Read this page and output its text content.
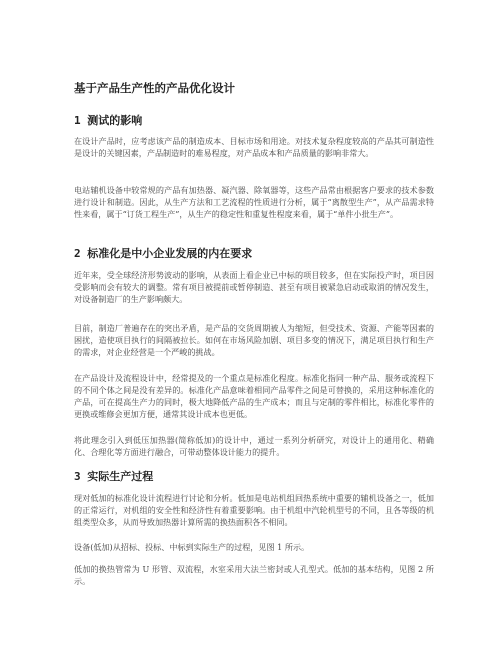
基于产品生产性的产品优化设计
1 测试的影响
在设计产品时，应考虑该产品的制造成本、目标市场和用途。对技术复杂程度较高的产品其可制造性是设计的关键因素，产品制造时的难易程度，对产品成本和产品质量的影响非常大。
电站辅机设备中较常规的产品有加热器、凝汽器、除氧器等，这些产品常由根据客户要求的技术参数进行设计和制造。因此，从生产方法和工艺流程的性质进行分析，属于“离散型生产”，从产品需求特性来看，属于“订货工程生产”，从生产的稳定性和重复性程度来看，属于“单件小批生产”。
2 标准化是中小企业发展的内在要求
近年来，受全球经济形势波动的影响，从表面上看企业已中标的项目较多，但在实际投产时，项目因受影响而会有较大的调整。常有项目被提前或暂停制造、甚至有项目被紧急启动或取消的情况发生，对设备制造厂的生产影响颇大。
目前，制造厂普遍存在的突出矛盾，是产品的交货周期被人为缩短，但受技术、资源、产能等因素的困扰，造使项目执行的间隔被拉长。如何在市场风险加剧、项目多变的情况下，满足项目执行和生产的需求，对企业经营是一个严峻的挑战。
在产品设计及流程设计中，经常提及的一个重点是标准化程度。标准化指同一种产品、服务或流程下的不同个体之间是没有差异的。标准化产品意味着相同产品零件之间是可替换的，采用这种标准化的产品，可在提高生产力的同时，极大地降低产品的生产成本；而且与定制的零件相比，标准化零件的更换或维修会更加方便，通常其设计成本也更低。
将此理念引入到低压加热器(简称低加)的设计中，通过一系列分析研究，对设计上的通用化、精确化、合理化等方面进行融合，可带动整体设计能力的提升。
3 实际生产过程
现对低加的标准化设计流程进行讨论和分析。低加是电站机组回热系统中重要的辅机设备之一，低加的正常运行，对机组的安全性和经济性有着重要影响。由于机组中汽轮机型号的不同，且各等级的机组类型众多，从而导致加热器计算所需的换热面积各不相同。
设备(低加)从招标、投标、中标到实际生产的过程，见图 1 所示。
低加的换热管常为 U 形管、双流程，水室采用大法兰密封或人孔型式。低加的基本结构，见图 2 所示。
